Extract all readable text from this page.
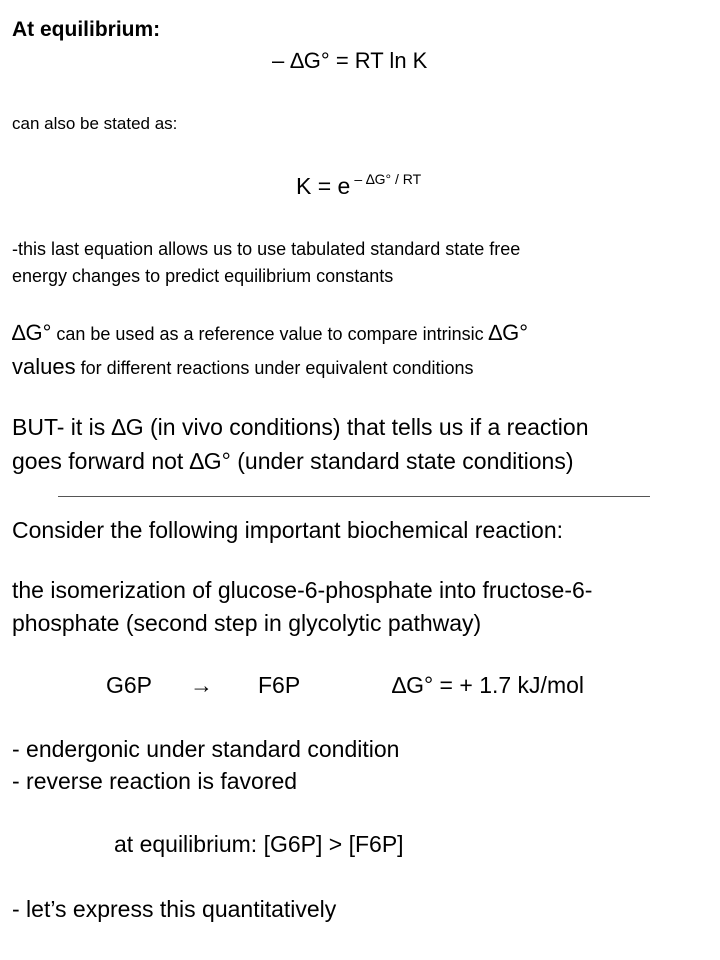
At equilibrium:
– ∆G° = RT ln K
can also be stated as:
K = e $^{- \Delta G^\circ / RT}$
-this last equation allows us to use tabulated standard state free
energy changes to predict equilibrium constants
∆G° can be used as a reference value to compare intrinsic ∆G°
values for different reactions under equivalent conditions
BUT- it is ∆G (in vivo conditions) that tells us if a reaction
goes forward not ∆G° (under standard state conditions)
Consider the following important biochemical reaction:
the isomerization of glucose-6-phosphate into fructose-6-
phosphate (second step in glycolytic pathway)
G6P → F6P	∆G° = + 1.7 kJ/mol
- endergonic under standard condition
- reverse reaction is favored
at equilibrium: [G6P] > [F6P]
- let’s express this quantitatively
